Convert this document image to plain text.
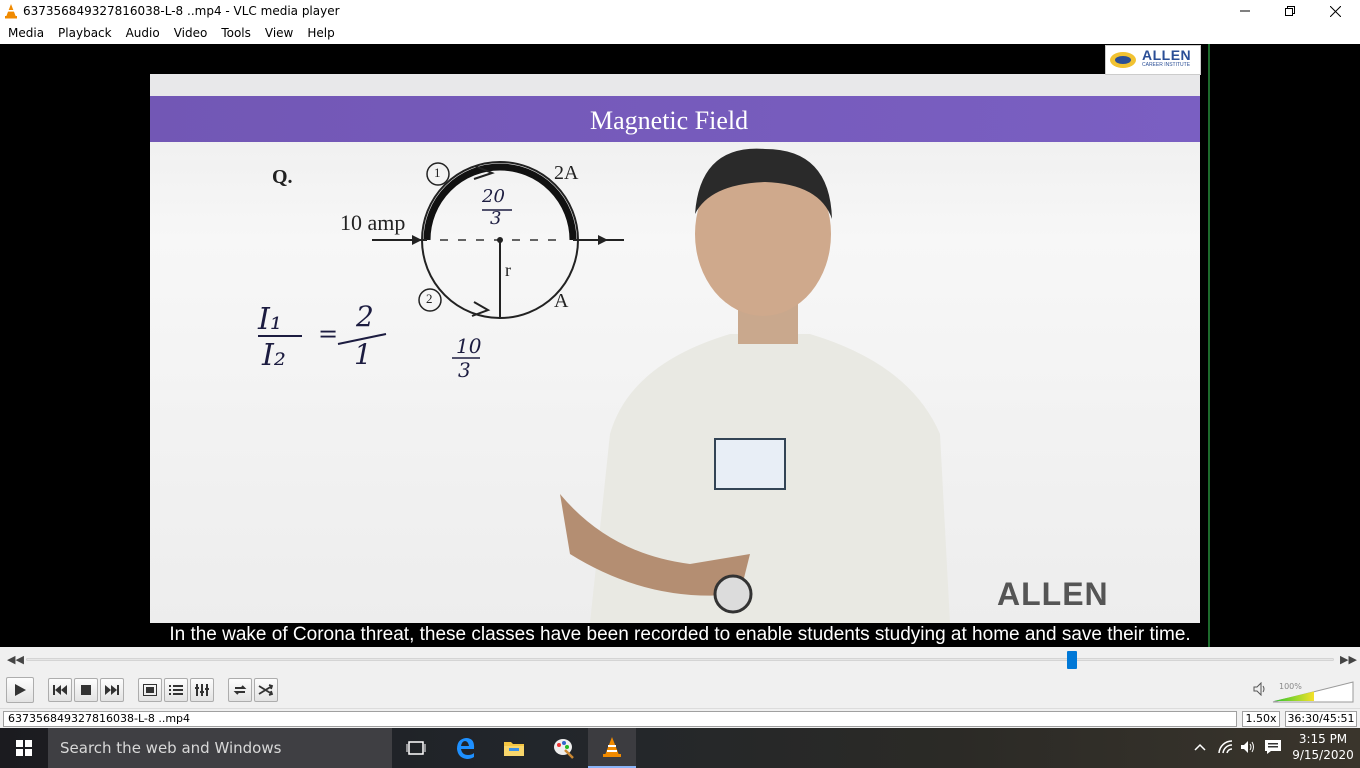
637356849327816038-L-8 ..mp4 - VLC media player
Media	Playback	Audio	Video	Tools	View	Help
Magnetic Field
Q.
10 amp
2A
A
r
1
2
I₁
I₂
=
2
1
20
3
10
3
ALLEN
ALLEN
CAREER INSTITUTE
In the wake of Corona threat, these classes have been recorded to enable students studying at home and save their time.
◀◀	▶▶
100%
637356849327816038-L-8 ..mp4	1.50x 36:30/45:51
Search the web and Windows	3:15 PM
9/15/2020
